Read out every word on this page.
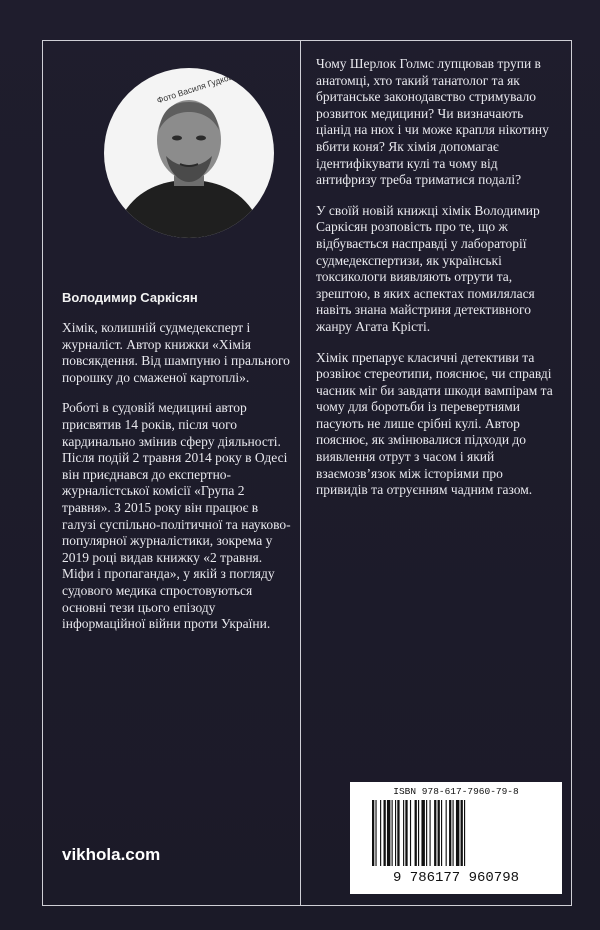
Фото Василя Гудкова
Володимир Саркісян

Хімік, колишній судмедексперт і журналіст. Автор книжки «Хімія повсякдення. Від шампуню і прального порошку до смаженої картоплі».

Роботі в судовій медицині автор присвятив 14 років, після чого кардинально змінив сферу діяльності. Після подій 2 травня 2014 року в Одесі він приєднався до експертно-журналістської комісії «Група 2 травня». З 2015 року він працює в галузі суспільно-політичної та науково-популярної журналістики, зокрема у 2019 році видав книжку «2 травня. Міфи і пропаганда», у якій з погляду судового медика спростовуються основні тези цього епізоду інформаційної війни проти України.

Чому Шерлок Голмс лупцював трупи в анатомці, хто такий танатолог та як британське законодавство стримувало розвиток медицини? Чи визначають ціанід на нюх і чи може крапля нікотину вбити коня? Як хімія допомагає ідентифікувати кулі та чому від антифризу треба триматися подалі?

У своїй новій книжці хімік Володимир Саркісян розповість про те, що ж відбувається насправді у лабораторії судмедекспертизи, як українські токсикологи виявляють отрути та, зрештою, в яких аспектах помилялася навіть знана майстриня детективного жанру Агата Крісті.

Хімік препарує класичні детективи та розвіює стереотипи, пояснює, чи справді часник міг би завдати шкоди вампірам та чому для боротьби із перевертнями пасують не лише срібні кулі. Автор пояснює, як змінювалися підходи до виявлення отрут з часом і який взаємозв’язок між історіями про привидів та отруєнням чадним газом.

vikhola.com
ISBN 978-617-7960-79-8
9 786177 960798
